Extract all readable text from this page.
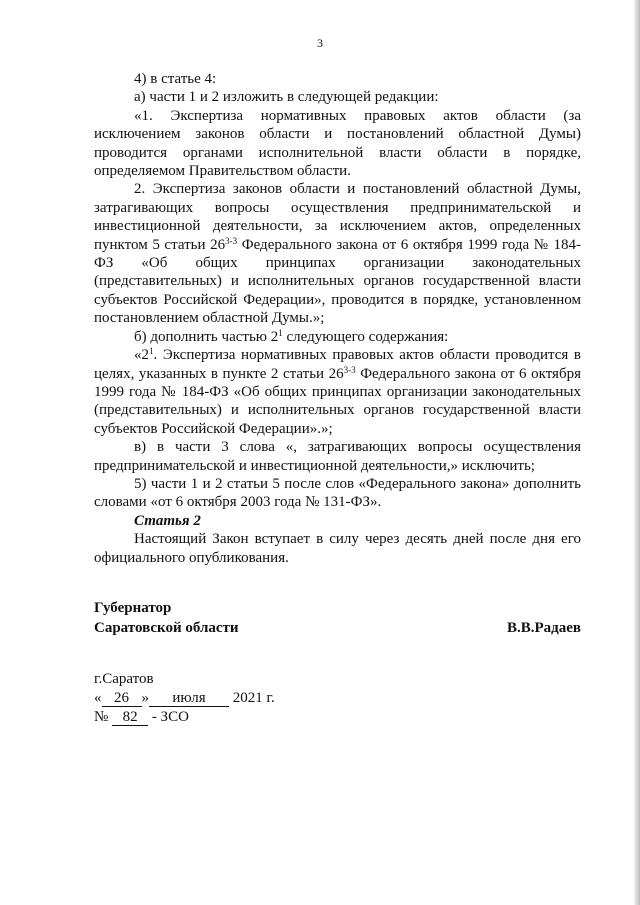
3

4) в статье 4:

а) части 1 и 2 изложить в следующей редакции:

«1. Экспертиза нормативных правовых актов области (за исключением законов области и постановлений областной Думы) проводится органами исполнительной власти области в порядке, определяемом Правительством области.

2. Экспертиза законов области и постановлений областной Думы, затрагивающих вопросы осуществления предпринимательской и инвестиционной деятельности, за исключением актов, определенных пунктом 5 статьи 26$^{3-3}$ Федерального закона от 6 октября 1999 года № 184-ФЗ «Об общих принципах организации законодательных (представительных) и исполнительных органов государственной власти субъектов Российской Федерации», проводится в порядке, установленном постановлением областной Думы.»;

б) дополнить частью $2^1$ следующего содержания:

«$2^1$. Экспертиза нормативных правовых актов области проводится в целях, указанных в пункте 2 статьи 26$^{3-3}$ Федерального закона от 6 октября 1999 года № 184-ФЗ «Об общих принципах организации законодательных (представительных) и исполнительных органов государственной власти субъектов Российской Федерации».»;

в) в части 3 слова «, затрагивающих вопросы осуществления предпринимательской и инвестиционной деятельности,» исключить;

5) части 1 и 2 статьи 5 после слов «Федерального закона» дополнить словами «от 6 октября 2003 года № 131-ФЗ».

Статья 2

Настоящий Закон вступает в силу через десять дней после дня его официального опубликования.

Губернатор
Саратовской области	В.В.Радаев
г.Саратов
« 26 » июля 2021 г.
№ 82 - ЗСО
